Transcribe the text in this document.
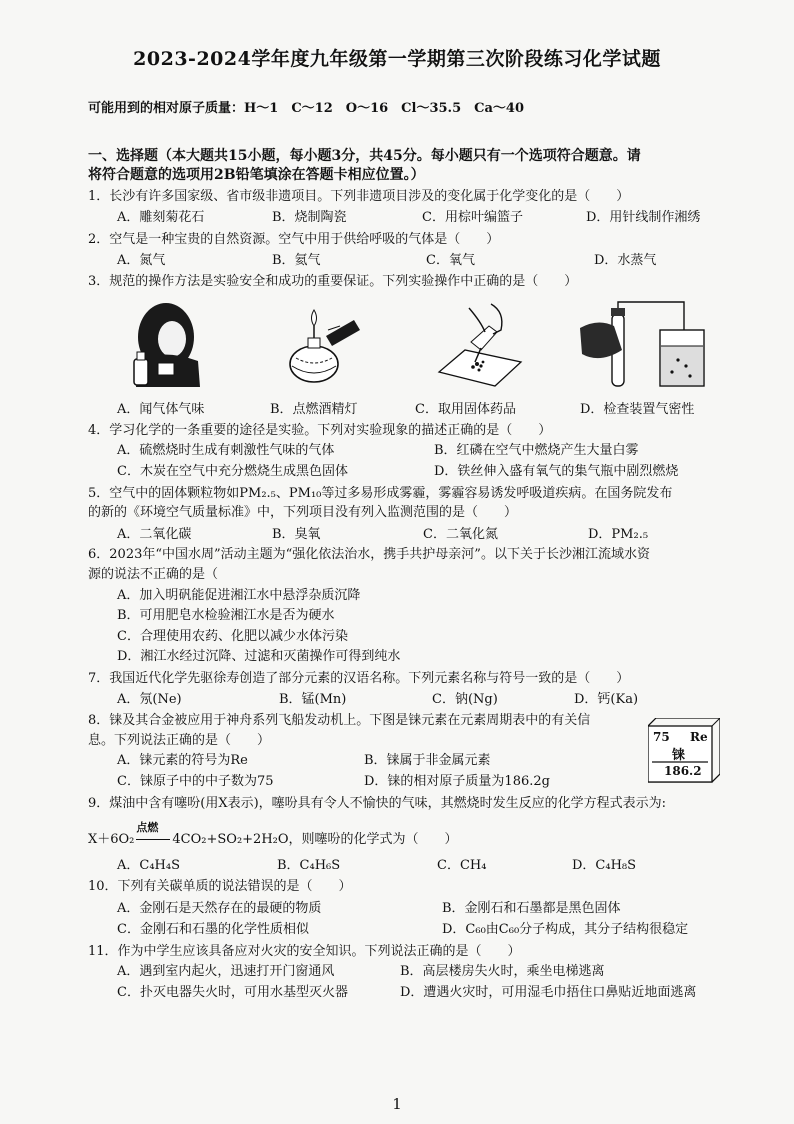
2023-2024学年度九年级第一学期第三次阶段练习化学试题
可能用到的相对原子质量：H～1　C～12　O～16　Cl～35.5　Ca～40
一、选择题（本大题共15小题，每小题3分，共45分。每小题只有一个选项符合题意。请
将符合题意的选项用2B铅笔填涂在答题卡相应位置。）
1．长沙有许多国家级、省市级非遗项目。下列非遗项目涉及的变化属于化学变化的是（　　）
A．雕刻菊花石	B．烧制陶瓷	C．用棕叶编篮子	D．用针线制作湘绣
2．空气是一种宝贵的自然资源。空气中用于供给呼吸的气体是（　　）
A．氮气	B．氦气	C．氧气	D．水蒸气
3．规范的操作方法是实验安全和成功的重要保证。下列实验操作中正确的是（　　）
A．闻气体气味	B．点燃酒精灯	C．取用固体药品	D．检查装置气密性
4．学习化学的一条重要的途径是实验。下列对实验现象的描述正确的是（　　）
A．硫燃烧时生成有刺激性气味的气体	B．红磷在空气中燃烧产生大量白雾
C．木炭在空气中充分燃烧生成黑色固体	D．铁丝伸入盛有氧气的集气瓶中剧烈燃烧
5．空气中的固体颗粒物如PM₂.₅、PM₁₀等过多易形成雾霾，雾霾容易诱发呼吸道疾病。在国务院发布
的新的《环境空气质量标准》中，下列项目没有列入监测范围的是（　　）
A．二氧化碳	B．臭氧	C．二氧化氮	D．PM₂.₅
6．2023年“中国水周”活动主题为“强化依法治水，携手共护母亲河”。以下关于长沙湘江流域水资
源的说法不正确的是（
A．加入明矾能促进湘江水中悬浮杂质沉降
B．可用肥皂水检验湘江水是否为硬水
C．合理使用农药、化肥以减少水体污染
D．湘江水经过沉降、过滤和灭菌操作可得到纯水
7．我国近代化学先驱徐寿创造了部分元素的汉语名称。下列元素名称与符号一致的是（　　）
A．氖(Ne)	B．锰(Mn)	C．钠(Ng)	D．钙(Ka)
8．铼及其合金被应用于神舟系列飞船发动机上。下图是铼元素在元素周期表中的有关信
息。下列说法正确的是（　　）
A．铼元素的符号为Re	B．铼属于非金属元素
C．铼原子中的中子数为75	D．铼的相对原子质量为186.2g
75 Re
铼
186.2
9．煤油中含有噻吩(用X表示)，噻吩具有令人不愉快的气味，其燃烧时发生反应的化学方程式表示为:
X＋6O₂
点燃
4CO₂+SO₂+2H₂O，则噻吩的化学式为（　　）
A．C₄H₄S	B．C₄H₆S	C．CH₄	D．C₄H₈S
10．下列有关碳单质的说法错误的是（　　）
A．金刚石是天然存在的最硬的物质	B．金刚石和石墨都是黑色固体
C．金刚石和石墨的化学性质相似	D．C₆₀由C₆₀分子构成，其分子结构很稳定
11．作为中学生应该具备应对火灾的安全知识。下列说法正确的是（　　）
A．遇到室内起火，迅速打开门窗通风	B．高层楼房失火时，乘坐电梯逃离
C．扑灭电器失火时，可用水基型灭火器	D．遭遇火灾时，可用湿毛巾捂住口鼻贴近地面逃离
1
